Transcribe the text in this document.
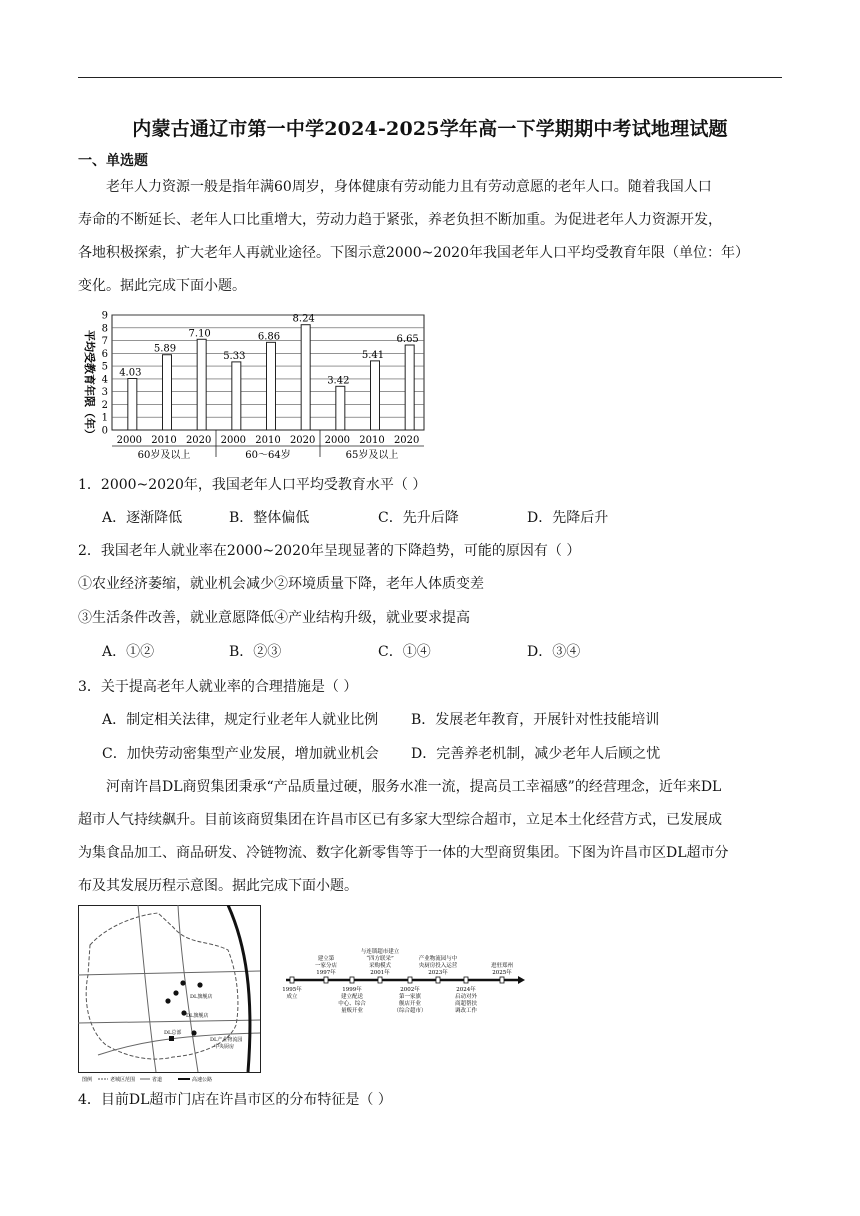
内蒙古通辽市第一中学2024-2025学年高一下学期期中考试地理试题
一、单选题
老年人力资源一般是指年满60周岁，身体健康有劳动能力且有劳动意愿的老年人口。随着我国人口
寿命的不断延长、老年人口比重增大，劳动力趋于紧张，养老负担不断加重。为促进老年人力资源开发，
各地积极探索，扩大老年人再就业途径。下图示意2000~2020年我国老年人口平均受教育年限（单位：年）
变化。据此完成下面小题。
平均受教育年限（年） 0
1
2
3
4
5
6
7
8
9
4.03
2000
5.89
2010
7.10
2020
60岁及以上
5.33
2000
6.86
2010
8.24
2020
60～64岁
3.42
2000
5.41
2010
6.65
2020
65岁及以上
1．2000~2020年，我国老年人口平均受教育水平（ ）
A．逐渐降低	B．整体偏低	C．先升后降	D．先降后升
2．我国老年人就业率在2000~2020年呈现显著的下降趋势，可能的原因有（ ）
①农业经济萎缩，就业机会减少②环境质量下降，老年人体质变差
③生活条件改善，就业意愿降低④产业结构升级，就业要求提高
A．①②	B．②③	C．①④	D．③④
3．关于提高老年人就业率的合理措施是（ ）
A．制定相关法律，规定行业老年人就业比例 B．发展老年教育，开展针对性技能培训
C．加快劳动密集型产业发展，增加就业机会 D．完善养老机制，减少老年人后顾之忧
河南许昌DL商贸集团秉承“产品质量过硬，服务水准一流，提高员工幸福感”的经营理念，近年来DL
超市人气持续飙升。目前该商贸集团在许昌市区已有多家大型综合超市，立足本土化经营方式，已发展成
为集食品加工、商品研发、冷链物流、数字化新零售等于一体的大型商贸集团。下图为许昌市区DL超市分
布及其发展历程示意图。据此完成下面小题。
DL旗舰店
DL旗舰店
DL总部
DL产业物流园
中央厨房
图例	老城区范围	省道	高速公路
建立第
一家分店
1997年
与连锁超市建立
“四方联采”
采购模式
2001年
产业物流园与中
央厨房投入运营
2023年
进驻郑州
2025年
1995年
成立
1999年
建立配送
中心、综合
量贩开业
2002年
第一家旗
舰店开业
（综合超市）
2024年
启动对外
商超帮扶
调改工作
4．目前DL超市门店在许昌市区的分布特征是（ ）
